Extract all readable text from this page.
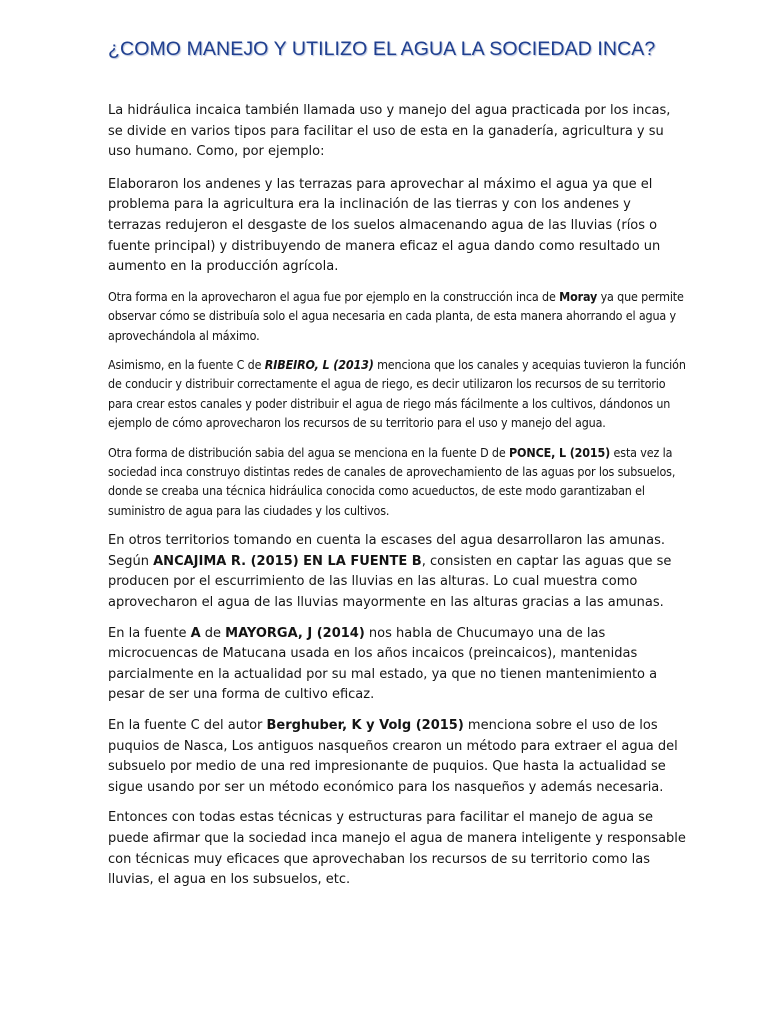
¿COMO MANEJO Y UTILIZO EL AGUA LA SOCIEDAD INCA?

La hidráulica incaica también llamada uso y manejo del agua practicada por los incas, se divide en varios tipos para facilitar el uso de esta en la ganadería, agricultura y su uso humano. Como, por ejemplo:

Elaboraron los andenes y las terrazas para aprovechar al máximo el agua ya que el problema para la agricultura era la inclinación de las tierras y con los andenes y terrazas redujeron el desgaste de los suelos almacenando agua de las lluvias (ríos o fuente principal) y distribuyendo de manera eficaz el agua dando como resultado un aumento en la producción agrícola.

Otra forma en la aprovecharon el agua fue por ejemplo en la construcción inca de Moray ya que permite observar cómo se distribuía solo el agua necesaria en cada planta, de esta manera ahorrando el agua y aprovechándola al máximo.

Asimismo, en la fuente C de RIBEIRO, L (2013) menciona que los canales y acequias tuvieron la función de conducir y distribuir correctamente el agua de riego, es decir utilizaron los recursos de su territorio para crear estos canales y poder distribuir el agua de riego más fácilmente a los cultivos, dándonos un ejemplo de cómo aprovecharon los recursos de su territorio para el uso y manejo del agua.

Otra forma de distribución sabia del agua se menciona en la fuente D de PONCE, L (2015) esta vez la sociedad inca construyo distintas redes de canales de aprovechamiento de las aguas por los subsuelos, donde se creaba una técnica hidráulica conocida como acueductos, de este modo garantizaban el suministro de agua para las ciudades y los cultivos.

En otros territorios tomando en cuenta la escases del agua desarrollaron las amunas. Según ANCAJIMA R. (2015) EN LA FUENTE B, consisten en captar las aguas que se producen por el escurrimiento de las lluvias en las alturas. Lo cual muestra como aprovecharon el agua de las lluvias mayormente en las alturas gracias a las amunas.

En la fuente A de MAYORGA, J (2014) nos habla de Chucumayo una de las microcuencas de Matucana usada en los años incaicos (preincaicos), mantenidas parcialmente en la actualidad por su mal estado, ya que no tienen mantenimiento a pesar de ser una forma de cultivo eficaz.

En la fuente C del autor Berghuber, K y Volg (2015) menciona sobre el uso de los puquios de Nasca, Los antiguos nasqueños crearon un método para extraer el agua del subsuelo por medio de una red impresionante de puquios. Que hasta la actualidad se sigue usando por ser un método económico para los nasqueños y además necesaria.

Entonces con todas estas técnicas y estructuras para facilitar el manejo de agua se puede afirmar que la sociedad inca manejo el agua de manera inteligente y responsable con técnicas muy eficaces que aprovechaban los recursos de su territorio como las lluvias, el agua en los subsuelos, etc.
